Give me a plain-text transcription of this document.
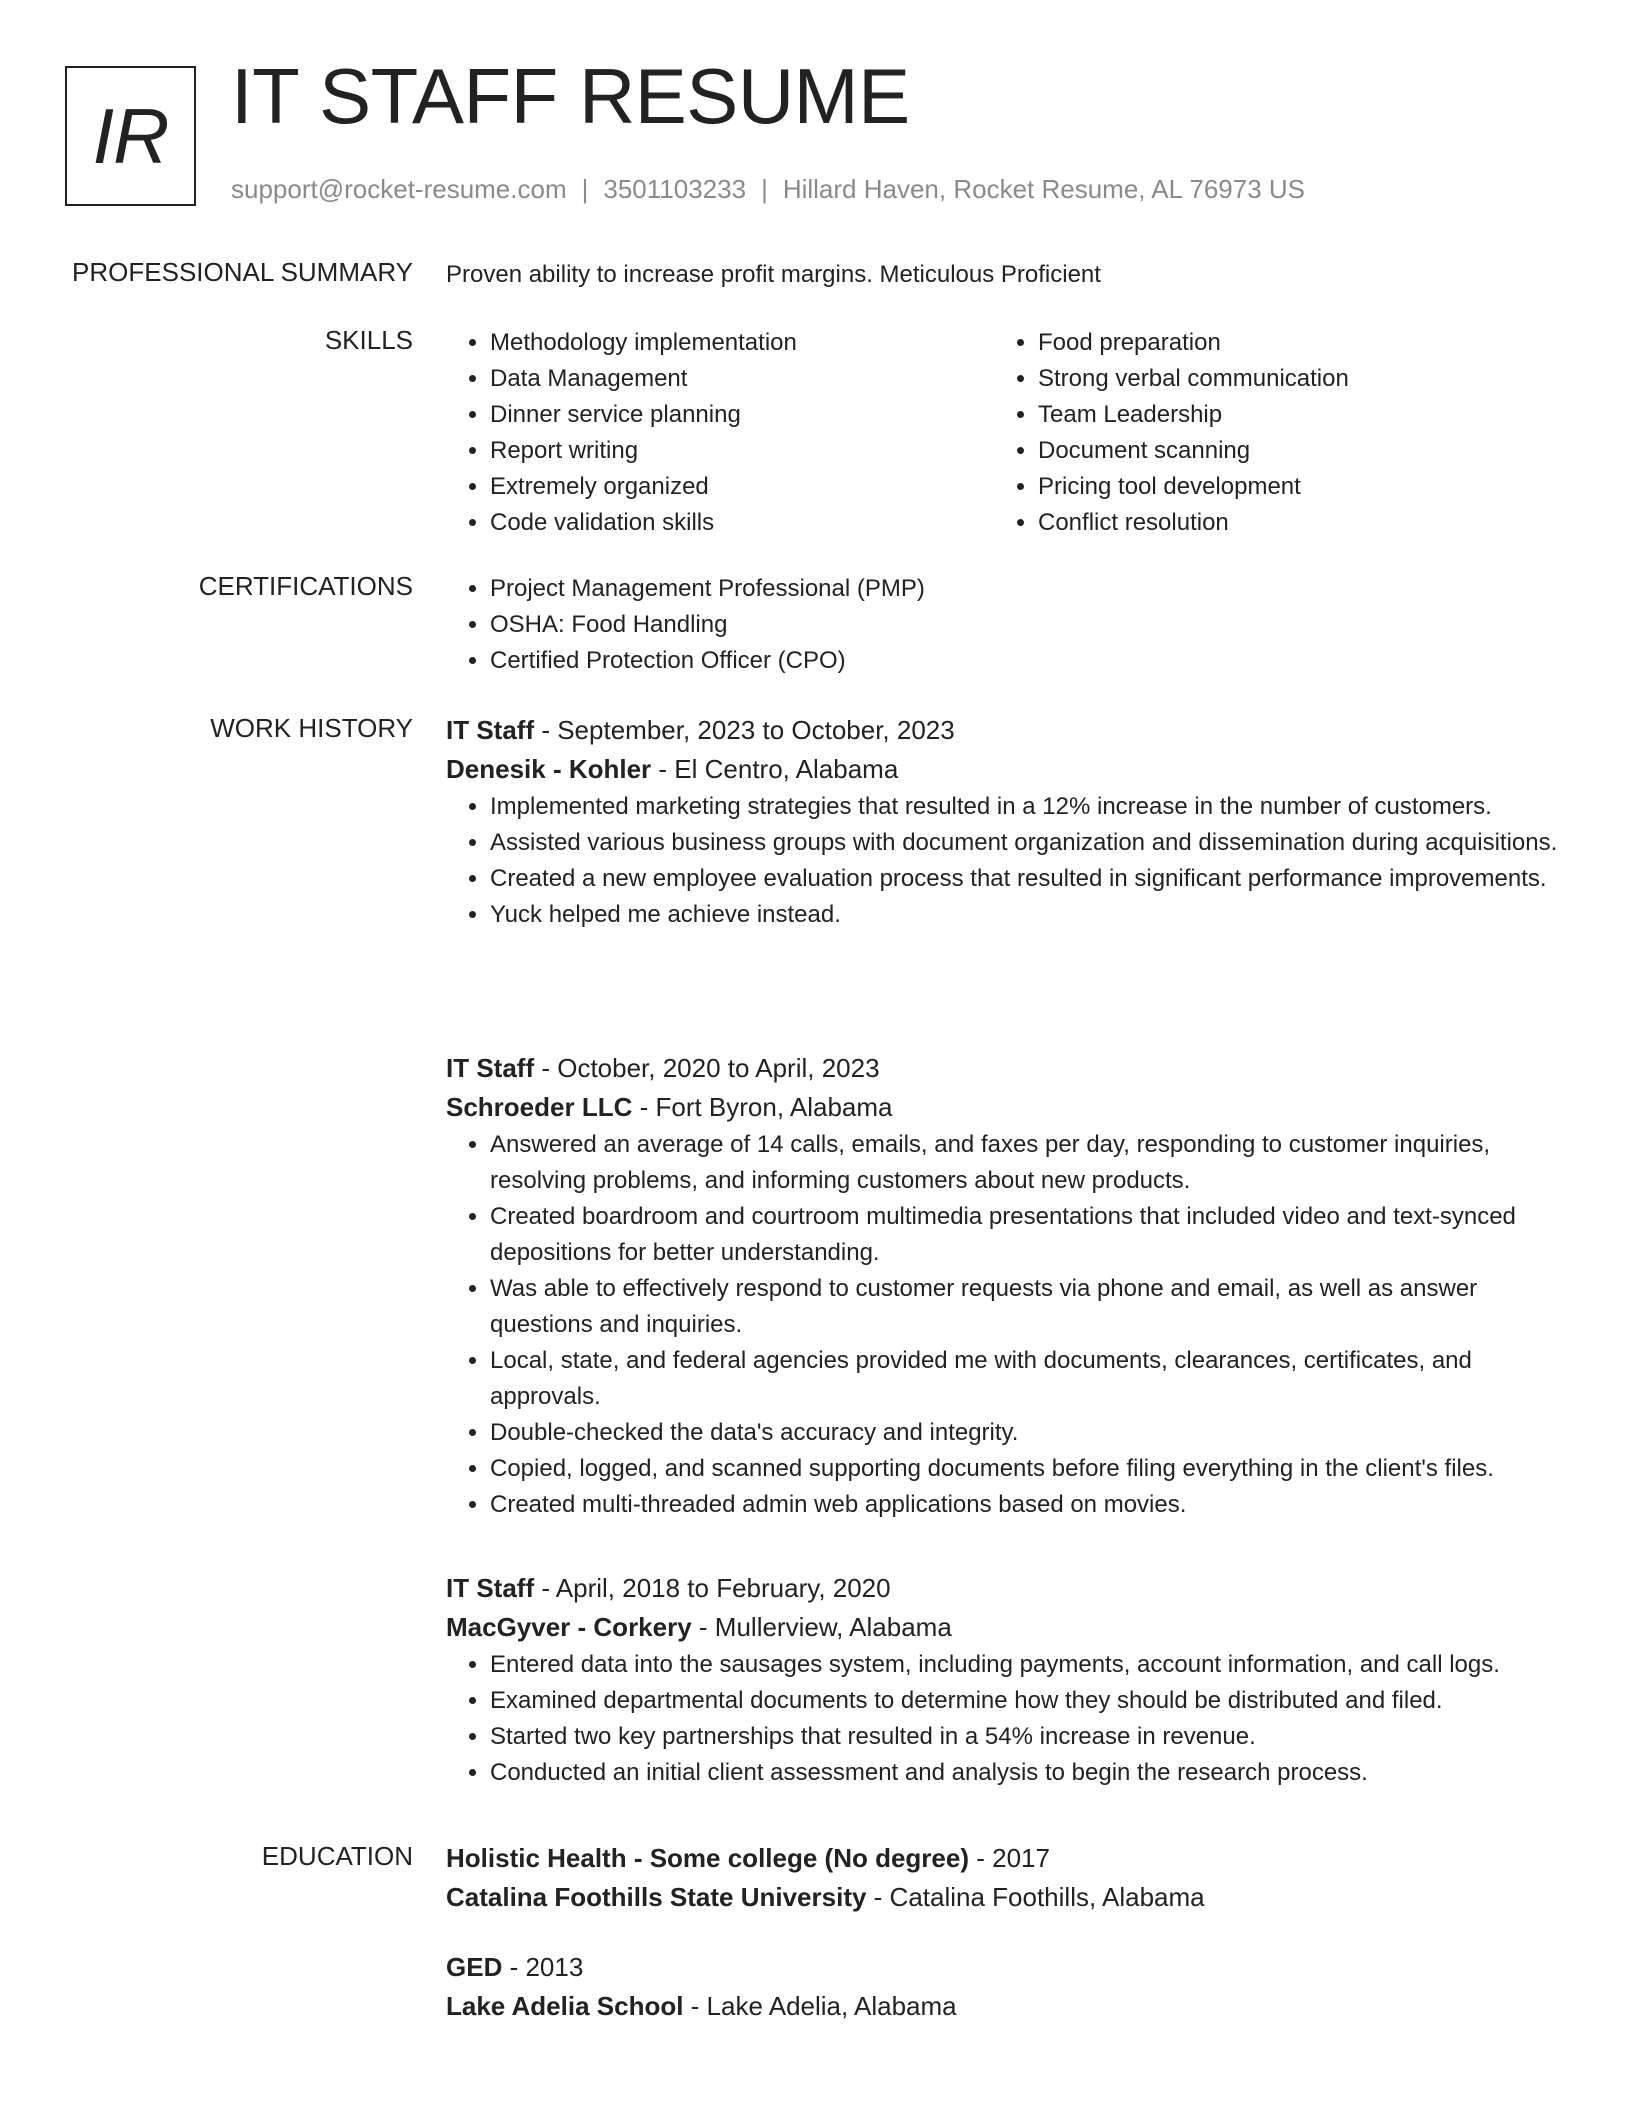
IR IT STAFF RESUME
support@rocket-resume.com | 3501103233 | Hillard Haven, Rocket Resume, AL 76973 US
PROFESSIONAL SUMMARY Proven ability to increase profit margins. Meticulous Proficient
SKILLS	• Methodology implementation
• Data Management
• Dinner service planning
• Report writing
• Extremely organized
• Code validation skills
• Food preparation
• Strong verbal communication
• Team Leadership
• Document scanning
• Pricing tool development
• Conflict resolution
CERTIFICATIONS	• Project Management Professional (PMP)
• OSHA: Food Handling
• Certified Protection Officer (CPO)
WORK HISTORY IT Staff - September, 2023 to October, 2023
Denesik - Kohler - El Centro, Alabama
• Implemented marketing strategies that resulted in a 12% increase in the number of customers.
• Assisted various business groups with document organization and dissemination during acquisitions.
• Created a new employee evaluation process that resulted in significant performance improvements.
• Yuck helped me achieve instead.
IT Staff - October, 2020 to April, 2023
Schroeder LLC - Fort Byron, Alabama
• Answered an average of 14 calls, emails, and faxes per day, responding to customer inquiries, resolving problems, and informing customers about new products.
• Created boardroom and courtroom multimedia presentations that included video and text-synced depositions for better understanding.
• Was able to effectively respond to customer requests via phone and email, as well as answer questions and inquiries.
• Local, state, and federal agencies provided me with documents, clearances, certificates, and approvals.
• Double-checked the data's accuracy and integrity.
• Copied, logged, and scanned supporting documents before filing everything in the client's files.
• Created multi-threaded admin web applications based on movies.
IT Staff - April, 2018 to February, 2020
MacGyver - Corkery - Mullerview, Alabama
• Entered data into the sausages system, including payments, account information, and call logs.
• Examined departmental documents to determine how they should be distributed and filed.
• Started two key partnerships that resulted in a 54% increase in revenue.
• Conducted an initial client assessment and analysis to begin the research process.
EDUCATION Holistic Health - Some college (No degree) - 2017
Catalina Foothills State University - Catalina Foothills, Alabama
GED - 2013
Lake Adelia School - Lake Adelia, Alabama
